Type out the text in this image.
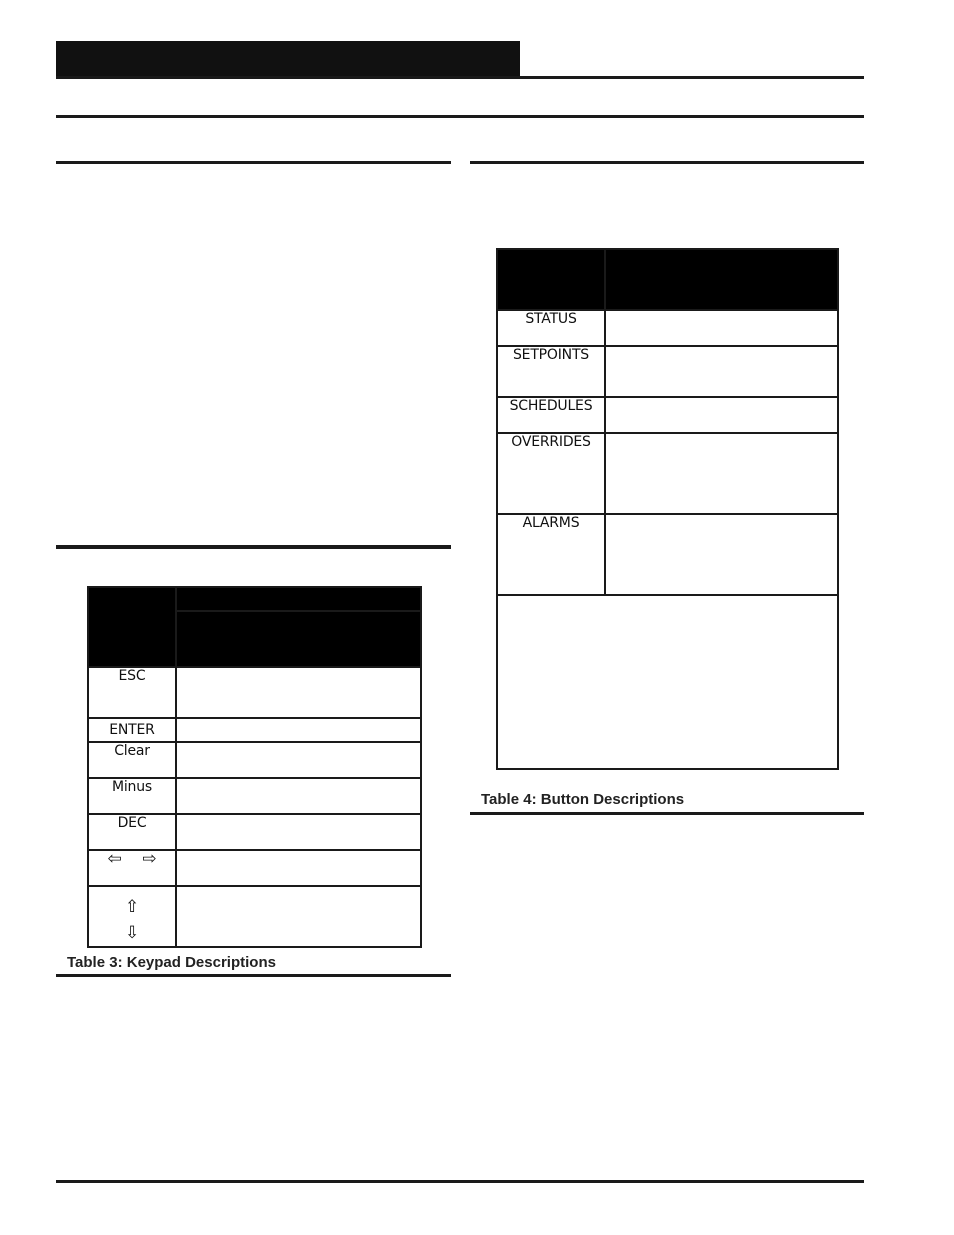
ESC	
ENTER	
Clear	
Minus	
DEC	
⇦ ⇨	

⇧
⇩	

Table 3: Keypad Descriptions

STATUS	
SETPOINTS	
SCHEDULES	
OVERRIDES	
ALARMS	

Table 4: Button Descriptions
